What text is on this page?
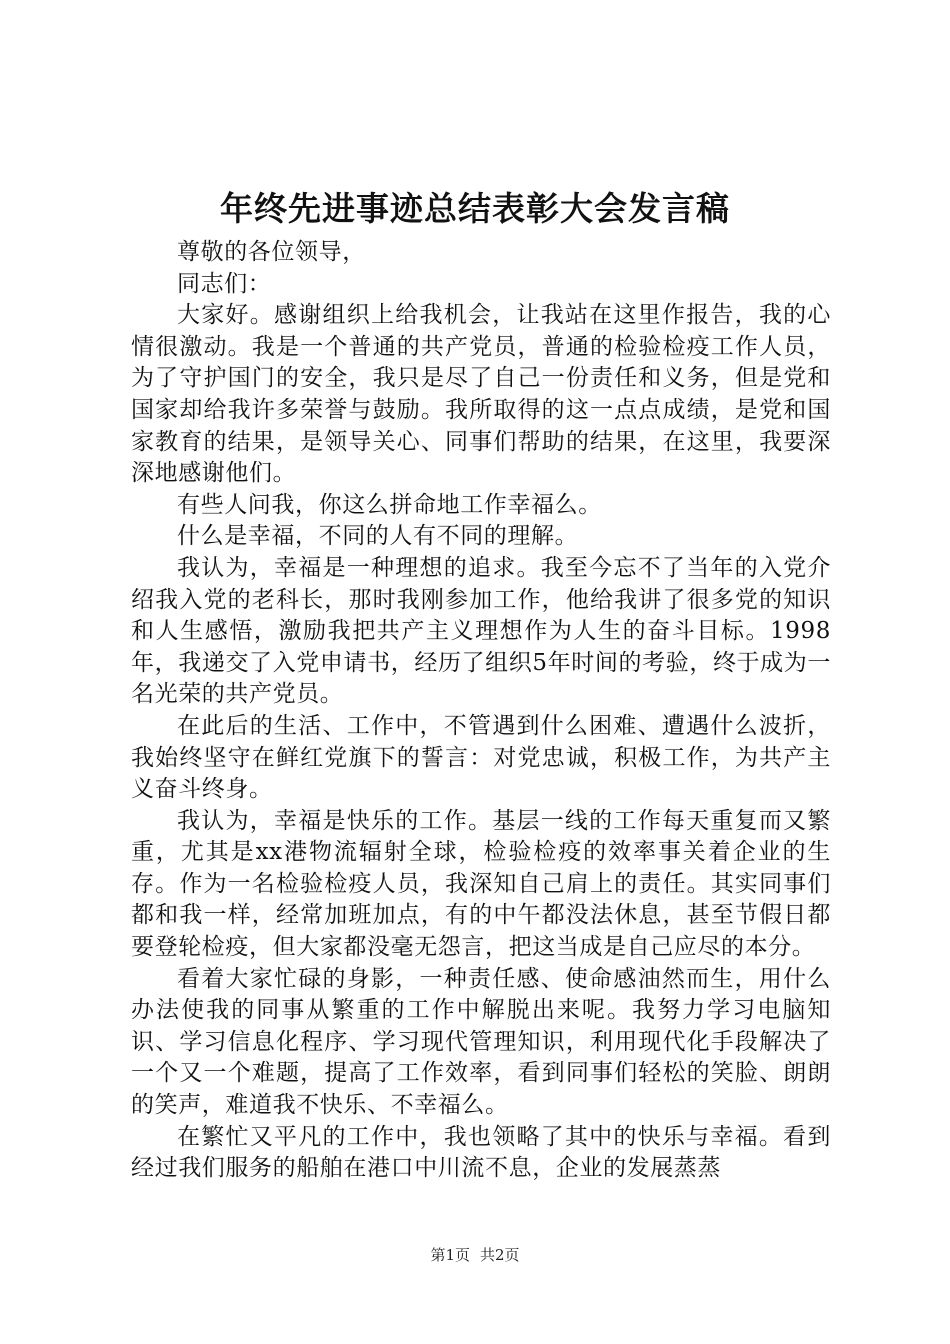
年终先进事迹总结表彰大会发言稿

尊敬的各位领导，

同志们：

大家好。感谢组织上给我机会，让我站在这里作报告，我的心情很激动。我是一个普通的共产党员，普通的检验检疫工作人员，为了守护国门的安全，我只是尽了自己一份责任和义务，但是党和国家却给我许多荣誉与鼓励。我所取得的这一点点成绩，是党和国家教育的结果，是领导关心、同事们帮助的结果，在这里，我要深深地感谢他们。

有些人问我，你这么拼命地工作幸福么。

什么是幸福，不同的人有不同的理解。

我认为，幸福是一种理想的追求。我至今忘不了当年的入党介绍我入党的老科长，那时我刚参加工作，他给我讲了很多党的知识和人生感悟，激励我把共产主义理想作为人生的奋斗目标。1998年，我递交了入党申请书，经历了组织5年时间的考验，终于成为一名光荣的共产党员。

在此后的生活、工作中，不管遇到什么困难、遭遇什么波折，我始终坚守在鲜红党旗下的誓言：对党忠诚，积极工作，为共产主义奋斗终身。

我认为，幸福是快乐的工作。基层一线的工作每天重复而又繁重，尤其是xx港物流辐射全球，检验检疫的效率事关着企业的生存。作为一名检验检疫人员，我深知自己肩上的责任。其实同事们都和我一样，经常加班加点，有的中午都没法休息，甚至节假日都要登轮检疫，但大家都没毫无怨言，把这当成是自己应尽的本分。

看着大家忙碌的身影，一种责任感、使命感油然而生，用什么办法使我的同事从繁重的工作中解脱出来呢。我努力学习电脑知识、学习信息化程序、学习现代管理知识，利用现代化手段解决了一个又一个难题，提高了工作效率，看到同事们轻松的笑脸、朗朗的笑声，难道我不快乐、不幸福么。

在繁忙又平凡的工作中，我也领略了其中的快乐与幸福。看到经过我们服务的船舶在港口中川流不息，企业的发展蒸蒸

第1页 共2页
